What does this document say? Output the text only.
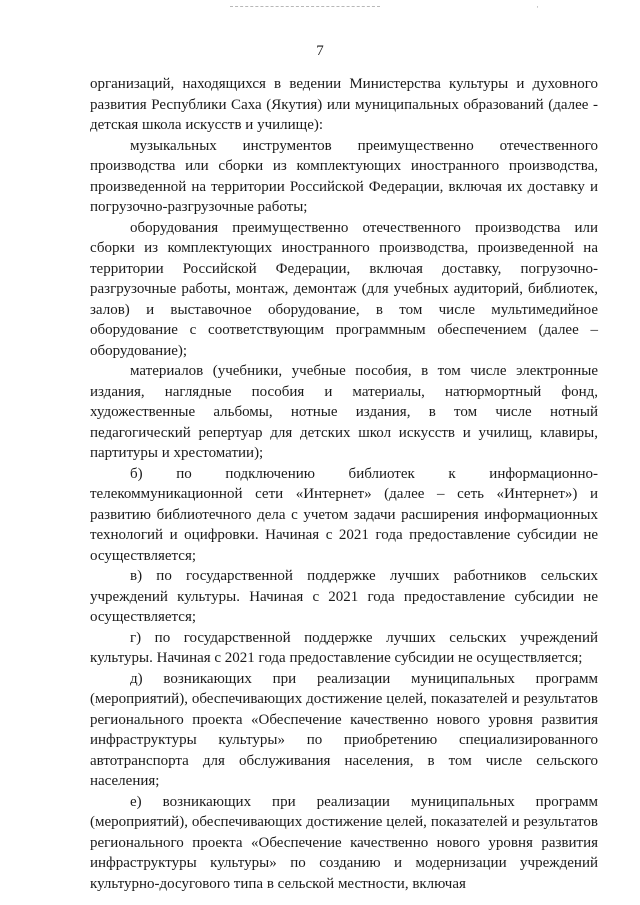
·
7

организаций, находящихся в ведении Министерства культуры и духовного развития Республики Саха (Якутия) или муниципальных образований (далее - детская школа искусств и училище):

музыкальных инструментов преимущественно отечественного производства или сборки из комплектующих иностранного производства, произведенной на территории Российской Федерации, включая их доставку и погрузочно-разгрузочные работы;

оборудования преимущественно отечественного производства или сборки из комплектующих иностранного производства, произведенной на территории Российской Федерации, включая доставку, погрузочно-разгрузочные работы, монтаж, демонтаж (для учебных аудиторий, библиотек, залов) и выставочное оборудование, в том числе мультимедийное оборудование с соответствующим программным обеспечением (далее – оборудование);

материалов (учебники, учебные пособия, в том числе электронные издания, наглядные пособия и материалы, натюрмортный фонд, художественные альбомы, нотные издания, в том числе нотный педагогический репертуар для детских школ искусств и училищ, клавиры, партитуры и хрестоматии);

б) по подключению библиотек к информационно-телекоммуникационной сети «Интернет» (далее – сеть «Интернет») и развитию библиотечного дела с учетом задачи расширения информационных технологий и оцифровки. Начиная с 2021 года предоставление субсидии не осуществляется;

в) по государственной поддержке лучших работников сельских учреждений культуры. Начиная с 2021 года предоставление субсидии не осуществляется;

г) по государственной поддержке лучших сельских учреждений культуры. Начиная с 2021 года предоставление субсидии не осуществляется;

д) возникающих при реализации муниципальных программ (мероприятий), обеспечивающих достижение целей, показателей и результатов регионального проекта «Обеспечение качественно нового уровня развития инфраструктуры культуры» по приобретению специализированного автотранспорта для обслуживания населения, в том числе сельского населения;

е) возникающих при реализации муниципальных программ (мероприятий), обеспечивающих достижение целей, показателей и результатов регионального проекта «Обеспечение качественно нового уровня развития инфраструктуры культуры» по созданию и модернизации учреждений культурно-досугового типа в сельской местности, включая
